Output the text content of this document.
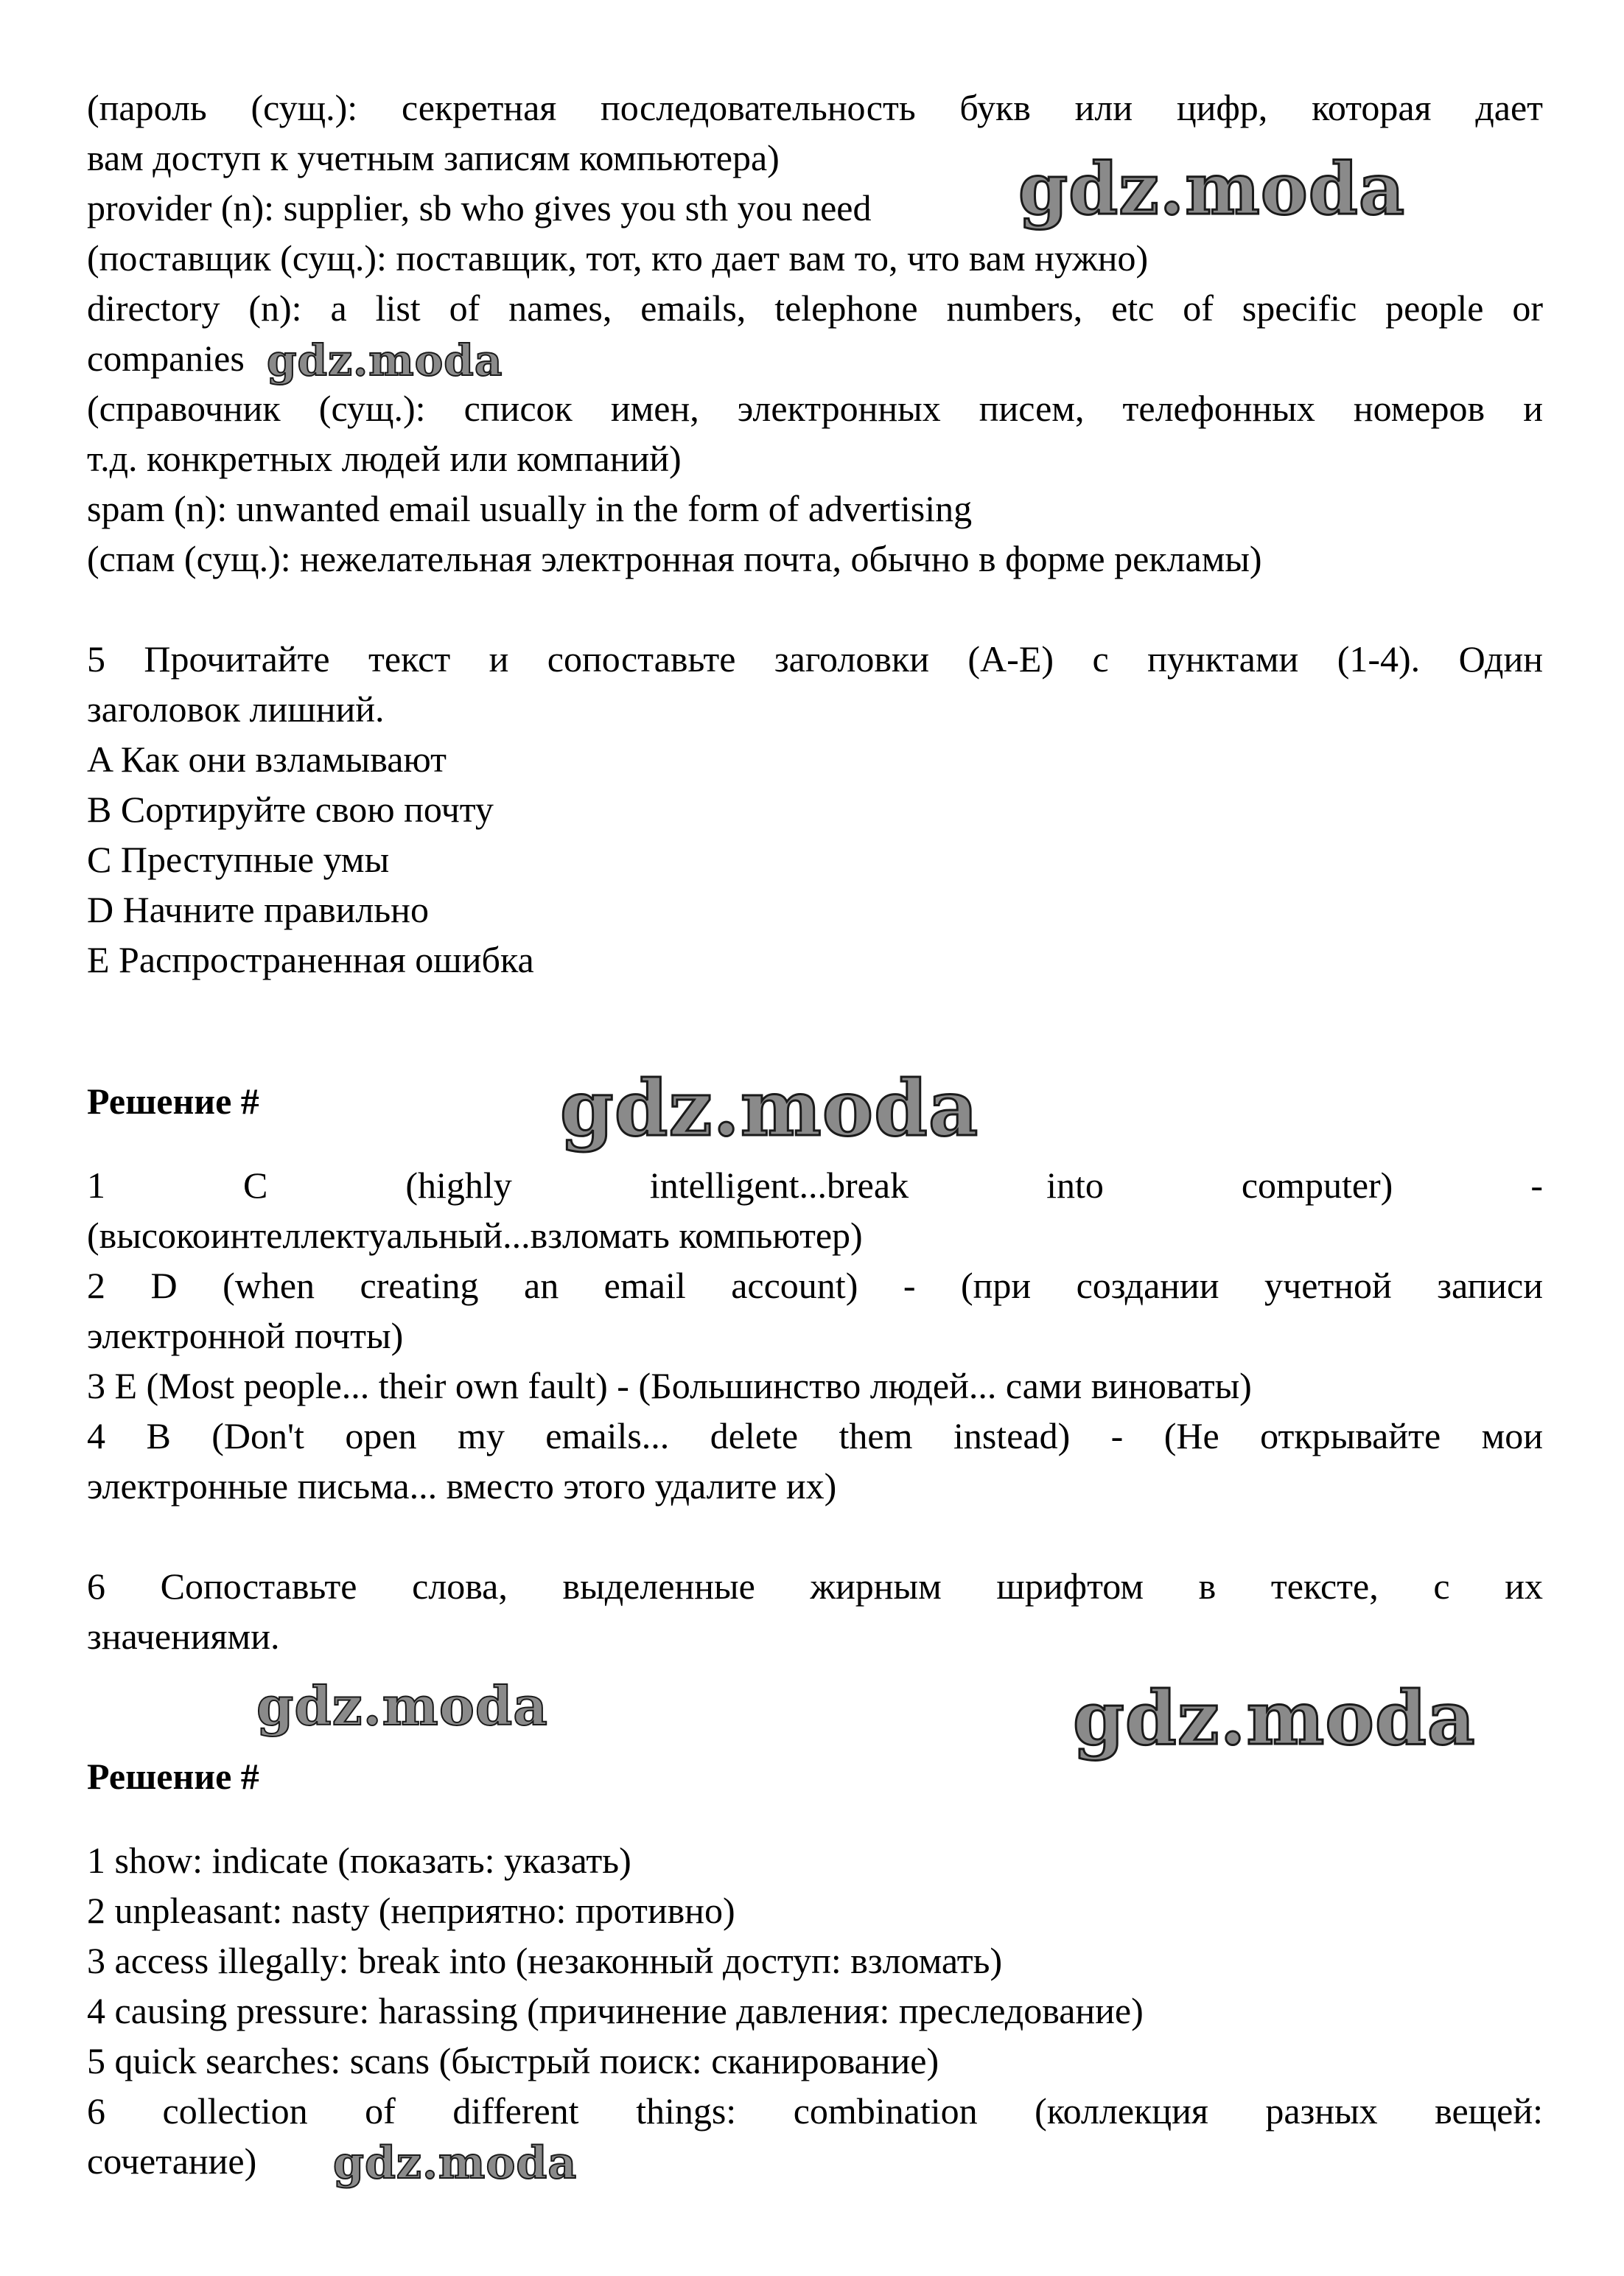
(пароль (сущ.): секретная последовательность букв или цифр, которая дает
вам доступ к учетным записям компьютера)
provider (n): supplier, sb who gives you sth you need
(поставщик (сущ.): поставщик, тот, кто дает вам то, что вам нужно)
directory (n): a list of names, emails, telephone numbers, etc of specific people or
companies
(справочник (сущ.): список имен, электронных писем, телефонных номеров и
т.д. конкретных людей или компаний)
spam (n): unwanted email usually in the form of advertising
(спам (сущ.): нежелательная электронная почта, обычно в форме рекламы)
5 Прочитайте текст и сопоставьте заголовки (A-E) с пунктами (1-4). Один
заголовок лишний.
A Как они взламывают
B Сортируйте свою почту
C Преступные умы
D Начните правильно
E Распространенная ошибка
Решение #
1 C (highly intelligent...break into computer) -
(высокоинтеллектуальный...взломать компьютер)
2 D (when creating an email account) - (при создании учетной записи
электронной почты)
3 E (Most people... their own fault) - (Большинство людей... сами виноваты)
4 B (Don't open my emails... delete them instead) - (Не открывайте мои
электронные письма... вместо этого удалите их)
6 Сопоставьте слова, выделенные жирным шрифтом в тексте, с их
значениями.
Решение #
1 show: indicate (показать: указать)
2 unpleasant: nasty (неприятно: противно)
3 access illegally: break into (незаконный доступ: взломать)
4 causing pressure: harassing (причинение давления: преследование)
5 quick searches: scans (быстрый поиск: сканирование)
6 collection of different things: combination (коллекция разных вещей:
сочетание)
gdz.moda
gdz.moda
gdz.moda
gdz.moda	gdz.moda
gdz.moda
